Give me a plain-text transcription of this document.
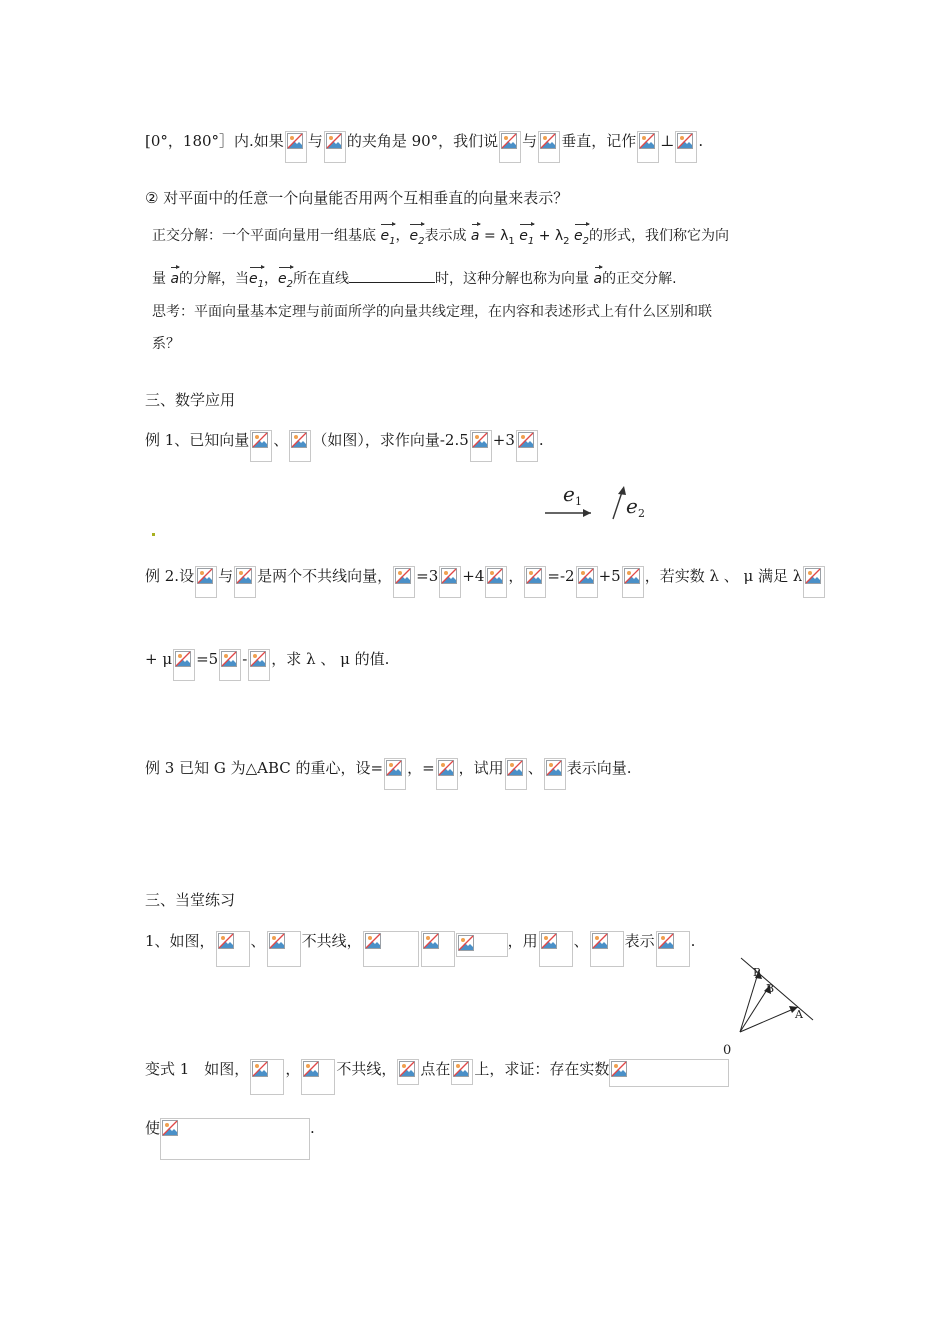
[0°，180°］内.如果 与 的夹角是 90°，我们说 与 垂直，记作 ⊥ .
② 对平面中的任意一个向量能否用两个互相垂直的向量来表示？
正交分解：一个平面向量用一组基底 $e_1$，$e_2$表示成 $a = \lambda_1$ $e_1 + \lambda_2$ $e_2$的形式，我们称它为向
量 a的分解，当$e_1$，$e_2$所在直线	时，这种分解也称为向量 a的正交分解.
思考：平面向量基本定理与前面所学的向量共线定理，在内容和表述形式上有什么区别和联
系？
三、数学应用
例 1、已知向量 、 （如图），求作向量-2.5 +3 .
e 1 e 2
例 2.设 与 是两个不共线向量， =3 +4 ， =-2 +5 ，若实数 λ 、 μ 满足 λ
+ μ =5 - ，求 λ 、 μ 的值.
例 3 已知 G 为△ABC 的重心，设= ，= ，试用 、 表示向量.
三、当堂练习
1、如图， 、 不共线，	，用 、 表示 .
P
B
A
0
变式 1　如图， ， 不共线， 点在 上，求证：存在实数
使	.
